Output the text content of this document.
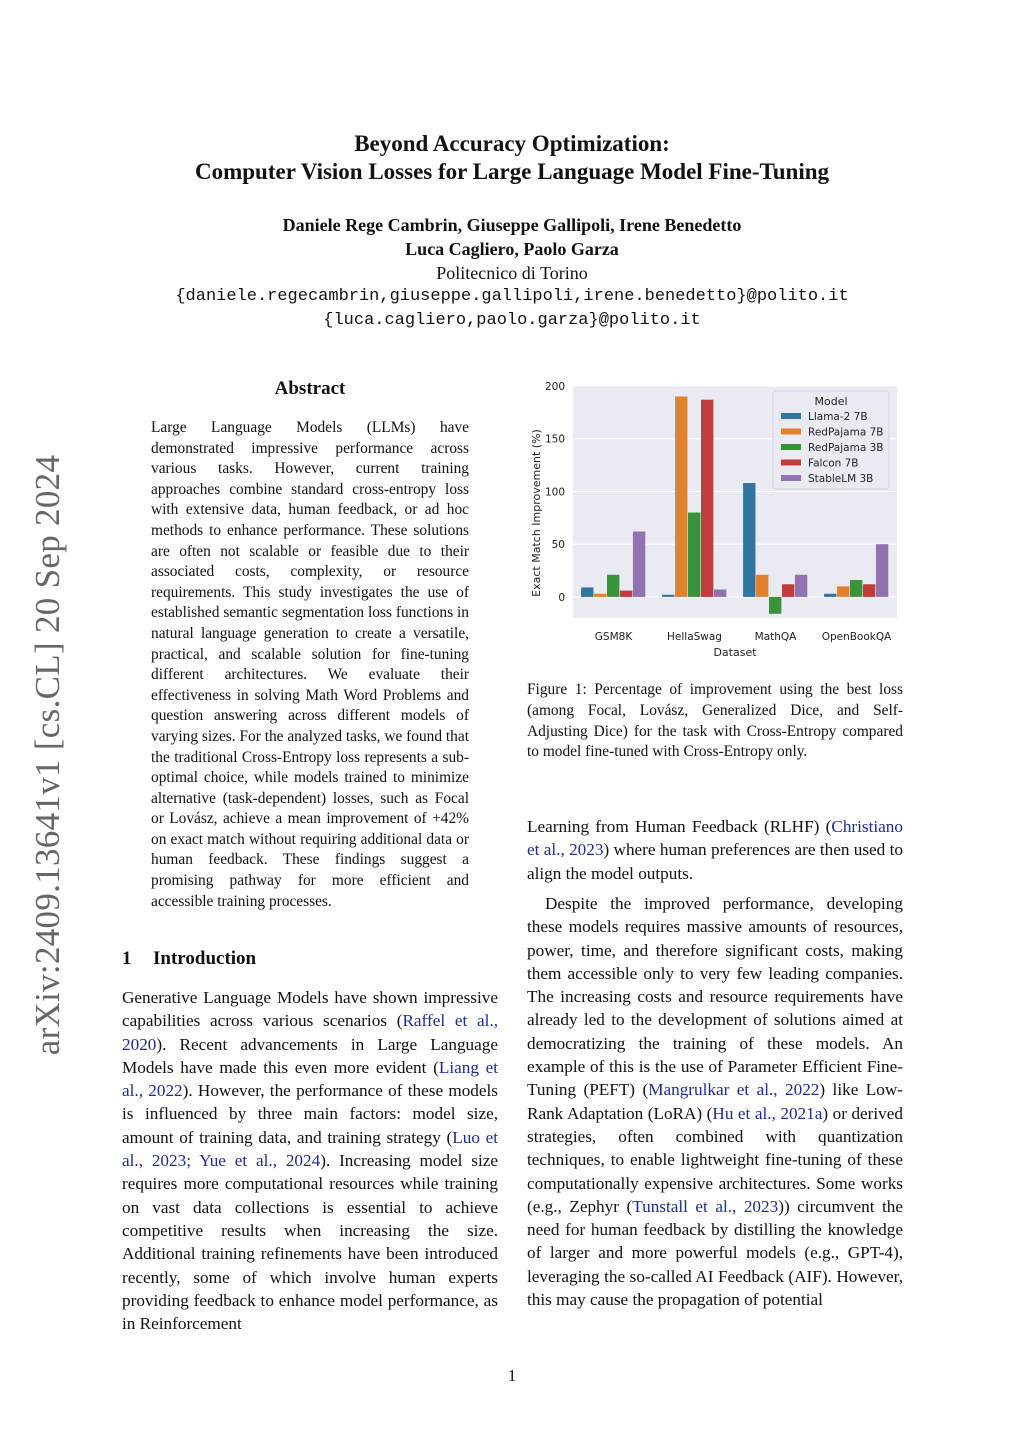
Beyond Accuracy Optimization:
Computer Vision Losses for Large Language Model Fine-Tuning
Daniele Rege Cambrin, Giuseppe Gallipoli, Irene Benedetto
Luca Cagliero, Paolo Garza
Politecnico di Torino
{daniele.regecambrin,giuseppe.gallipoli,irene.benedetto}@polito.it
{luca.cagliero,paolo.garza}@polito.it
arXiv:2409.13641v1 [cs.CL] 20 Sep 2024
Abstract
Large Language Models (LLMs) have demonstrated impressive performance across various tasks. However, current training approaches combine standard cross-entropy loss with extensive data, human feedback, or ad hoc methods to enhance performance. These solutions are often not scalable or feasible due to their associated costs, complexity, or resource requirements. This study investigates the use of established semantic segmentation loss functions in natural language generation to create a versatile, practical, and scalable solution for fine-tuning different architectures. We evaluate their effectiveness in solving Math Word Problems and question answering across different models of varying sizes. For the analyzed tasks, we found that the traditional Cross-Entropy loss represents a sub-optimal choice, while models trained to minimize alternative (task-dependent) losses, such as Focal or Lovász, achieve a mean improvement of +42% on exact match without requiring additional data or human feedback. These findings suggest a promising pathway for more efficient and accessible training processes.
1 Introduction
Generative Language Models have shown impressive capabilities across various scenarios (Raffel et al., 2020). Recent advancements in Large Language Models have made this even more evident (Liang et al., 2022). However, the performance of these models is influenced by three main factors: model size, amount of training data, and training strategy (Luo et al., 2023; Yue et al., 2024). Increasing model size requires more computational resources while training on vast data collections is essential to achieve competitive results when increasing the size. Additional training refinements have been introduced recently, some of which involve human experts providing feedback to enhance model performance, as in Reinforcement
0
50
100
150
200
GSM8K	HellaSwag	MathQA OpenBookQA
Exact Match Improvement (%)
Dataset
Model
Llama-2 7B
RedPajama 7B
RedPajama 3B
Falcon 7B
StableLM 3B
Figure 1: Percentage of improvement using the best loss (among Focal, Lovász, Generalized Dice, and Self-Adjusting Dice) for the task with Cross-Entropy compared to model fine-tuned with Cross-Entropy only.
Learning from Human Feedback (RLHF) (Christiano et al., 2023) where human preferences are then used to align the model outputs.
Despite the improved performance, developing these models requires massive amounts of resources, power, time, and therefore significant costs, making them accessible only to very few leading companies. The increasing costs and resource requirements have already led to the development of solutions aimed at democratizing the training of these models. An example of this is the use of Parameter Efficient Fine-Tuning (PEFT) (Mangrulkar et al., 2022) like Low-Rank Adaptation (LoRA) (Hu et al., 2021a) or derived strategies, often combined with quantization techniques, to enable lightweight fine-tuning of these computationally expensive architectures. Some works (e.g., Zephyr (Tunstall et al., 2023)) circumvent the need for human feedback by distilling the knowledge of larger and more powerful models (e.g., GPT-4), leveraging the so-called AI Feedback (AIF). However, this may cause the propagation of potential
1
